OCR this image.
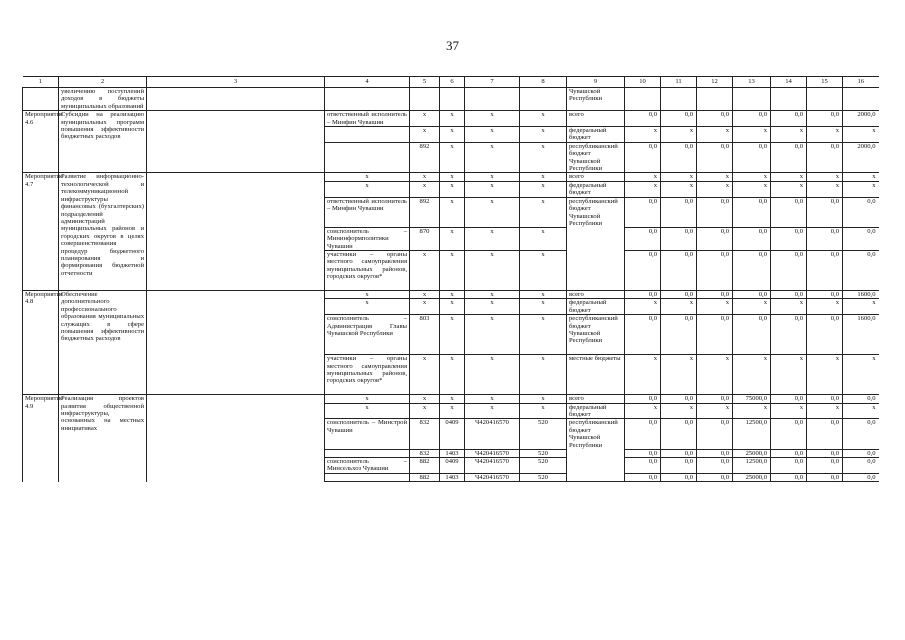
37
1	2	3	4	5	6	7	8	9	10	11	12	13	14	15	16
	увеличению поступлений доходов в бюджеты муниципальных образований							Чувашской Республики							
Мероприятие 4.6	Субсидии на реализацию муниципальных программ повышения эффективности бюджетных расходов		ответственный исполнитель – Минфин Чувашии	x	x	x	x	всего	0,0	0,0	0,0	0,0	0,0	0,0	2000,0
				x	x	x	x	федеральный бюджет	x	x	x	x	x	x	x
				892	x	x	x	республиканский бюджет Чувашской Республики	0,0	0,0	0,0	0,0	0,0	0,0	2000,0
Мероприятие 4.7	Развитие информационно-технологической и телекоммуникационной инфраструктуры финансовых (бухгалтерских) подразделений администраций муниципальных районов и городских округов в целях совершенствования процедур бюджетного планирования и формирования бюджетной отчетности		x	x	x	x	x	всего	x	x	x	x	x	x	x
			x	x	x	x	x	федеральный бюджет	x	x	x	x	x	x	x
			ответственный исполнитель – Минфин Чувашии	892	x	x	x	республиканский бюджет Чувашской Республики	0,0	0,0	0,0	0,0	0,0	0,0	0,0
			соисполнитель – Мининформполитики Чувашии	870	x	x	x		0,0	0,0	0,0	0,0	0,0	0,0	0,0
			участники – органы местного самоуправления муниципальных районов, городских округов*	x	x	x	x		0,0	0,0	0,0	0,0	0,0	0,0	0,0
Мероприятие 4.8	Обеспечение дополнительного профессионального образования муниципальных служащих в сфере повышения эффективности бюджетных расходов		x	x	x	x	x	всего	0,0	0,0	0,0	0,0	0,0	0,0	1600,0
			x	x	x	x	x	федеральный бюджет	x	x	x	x	x	x	x
			соисполнитель – Администрация Главы Чувашской Республики	803	x	x	x	республиканский бюджет Чувашской Республики	0,0	0,0	0,0	0,0	0,0	0,0	1600,0
			участники – органы местного самоуправления муниципальных районов, городских округов*	x	x	x	x	местные бюджеты	x	x	x	x	x	x	x
Мероприятие 4.9	Реализация проектов развития общественной инфраструктуры, основанных на местных инициативах		x	x	x	x	x	всего	0,0	0,0	0,0	75000,0	0,0	0,0	0,0
			x	x	x	x	x	федеральный бюджет	x	x	x	x	x	x	x
			соисполнитель – Минстрой Чувашии	832	0409	Ч420416570	520	республиканский бюджет Чувашской Республики	0,0	0,0	0,0	12500,0	0,0	0,0	0,0
				832	1403	Ч420416570	520		0,0	0,0	0,0	25000,0	0,0	0,0	0,0
			соисполнитель – Минсельхоз Чувашии	882	0409	Ч420416570	520		0,0	0,0	0,0	12500,0	0,0	0,0	0,0
				882	1403	Ч420416570	520		0,0	0,0	0,0	25000,0	0,0	0,0	0,0
